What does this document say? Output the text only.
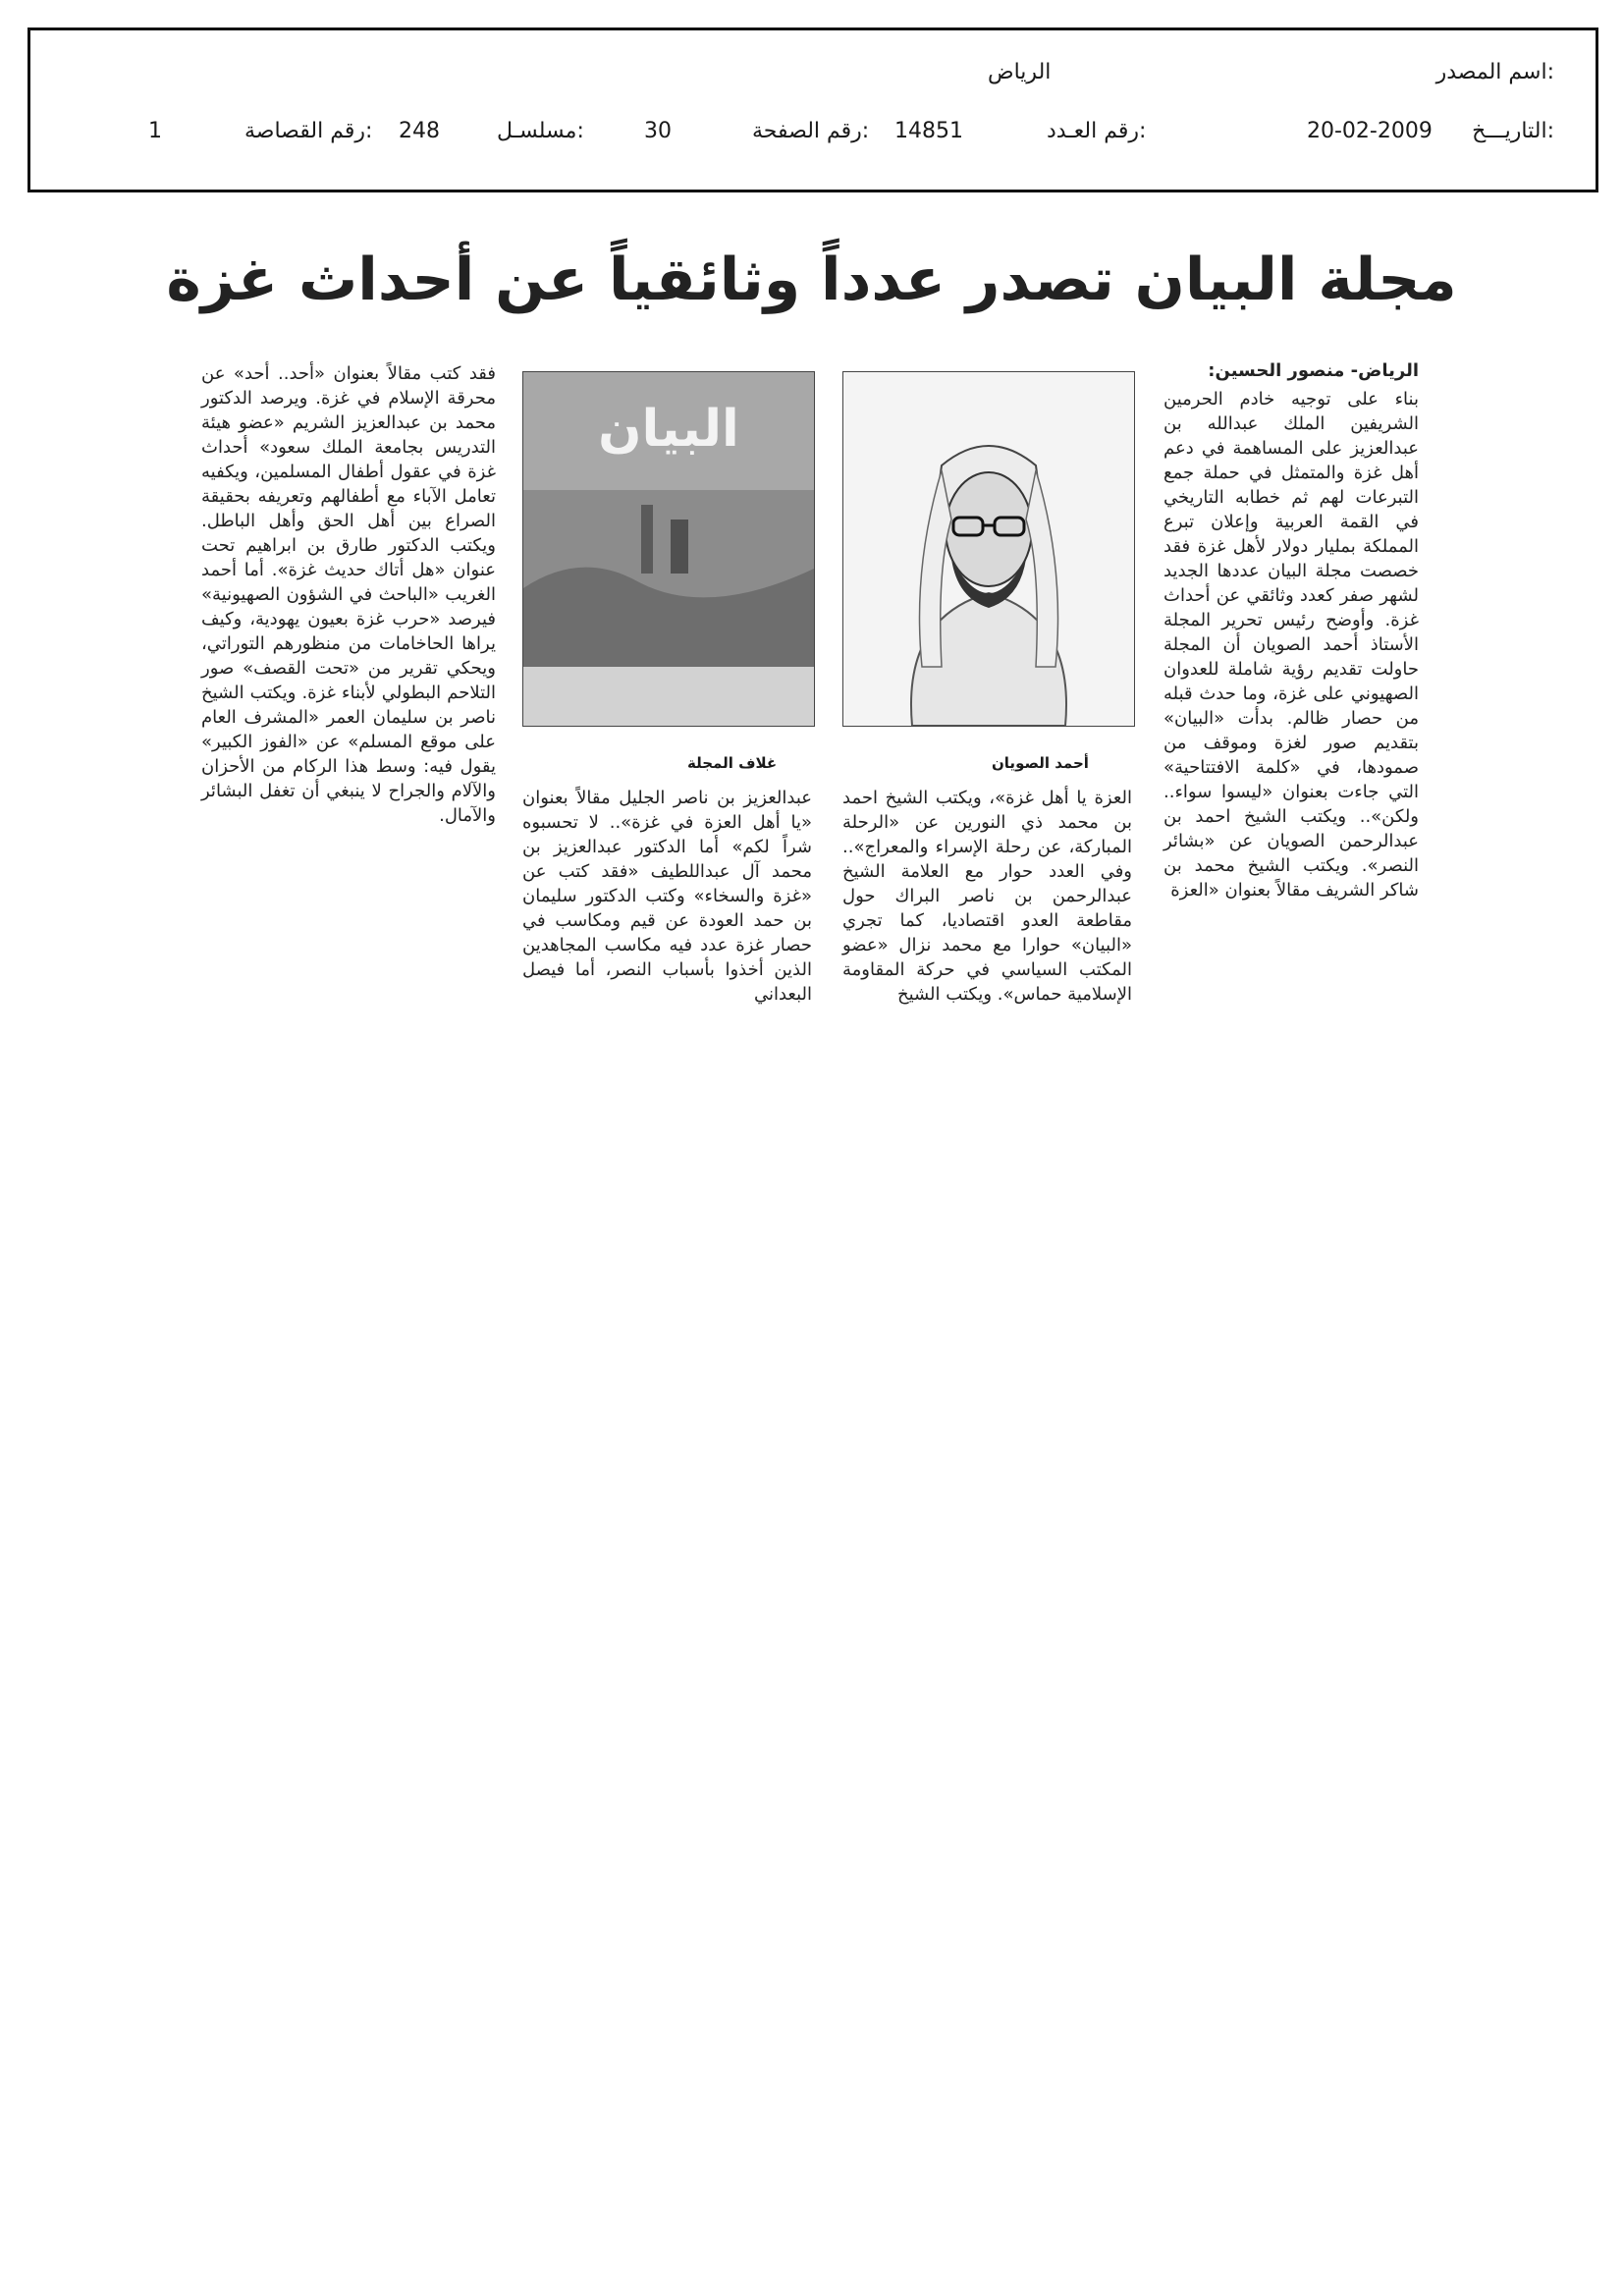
اسم المصدر:
الرياض
التاريـــخ:
20-02-2009
رقم العـدد:
14851
رقم الصفحة:
30
مسلسـل:
248
رقم القصاصة:
1
مجلة البيان تصدر عدداً وثائقياً عن أحداث غزة
الرياض- منصور الحسين:

بناء على توجيه خادم الحرمين الشريفين الملك عبدالله بن عبدالعزيز على المساهمة في دعم أهل غزة والمتمثل في حملة جمع التبرعات لهم ثم خطابه التاريخي في القمة العربية وإعلان تبرع المملكة بمليار دولار لأهل غزة فقد خصصت مجلة البيان عددها الجديد لشهر صفر كعدد وثائقي عن أحداث غزة. وأوضح رئيس تحرير المجلة الأستاذ أحمد الصويان أن المجلة حاولت تقديم رؤية شاملة للعدوان الصهيوني على غزة، وما حدث قبله من حصار ظالم. بدأت «البيان» بتقديم صور لغزة وموقف من صمودها، في «كلمة الافتتاحية» التي جاءت بعنوان «ليسوا سواء.. ولكن».. ويكتب الشيخ احمد بن عبدالرحمن الصويان عن «بشائر النصر». ويكتب الشيخ محمد بن شاكر الشريف مقالاً بعنوان «العزة

أحمد الصويان

العزة يا أهل غزة»، ويكتب الشيخ احمد بن محمد ذي النورين عن «الرحلة المباركة، عن رحلة الإسراء والمعراج».. وفي العدد حوار مع العلامة الشيخ عبدالرحمن بن ناصر البراك حول مقاطعة العدو اقتصاديا، كما تجري «البيان» حوارا مع محمد نزال «عضو المكتب السياسي في حركة المقاومة الإسلامية حماس». ويكتب الشيخ

البيان
غلاف المجلة

عبدالعزيز بن ناصر الجليل مقالاً بعنوان «يا أهل العزة في غزة».. لا تحسبوه شراً لكم» أما الدكتور عبدالعزيز بن محمد آل عبداللطيف «فقد كتب عن «غزة والسخاء» وكتب الدكتور سليمان بن حمد العودة عن قيم ومكاسب في حصار غزة عدد فيه مكاسب المجاهدين الذين أخذوا بأسباب النصر، أما فيصل البعداني

فقد كتب مقالاً بعنوان «أحد.. أحد» عن محرقة الإسلام في غزة. ويرصد الدكتور محمد بن عبدالعزيز الشريم «عضو هيئة التدريس بجامعة الملك سعود» أحداث غزة في عقول أطفال المسلمين، ويكفيه تعامل الآباء مع أطفالهم وتعريفه بحقيقة الصراع بين أهل الحق وأهل الباطل. ويكتب الدكتور طارق بن ابراهيم تحت عنوان «هل أتاك حديث غزة». أما أحمد الغريب «الباحث في الشؤون الصهيونية» فيرصد «حرب غزة بعيون يهودية، وكيف يراها الحاخامات من منظورهم التوراتي، ويحكي تقرير من «تحت القصف» صور التلاحم البطولي لأبناء غزة. ويكتب الشيخ ناصر بن سليمان العمر «المشرف العام على موقع المسلم» عن «الفوز الكبير» يقول فيه: وسط هذا الركام من الأحزان والآلام والجراح لا ينبغي أن تغفل البشائر والآمال.
